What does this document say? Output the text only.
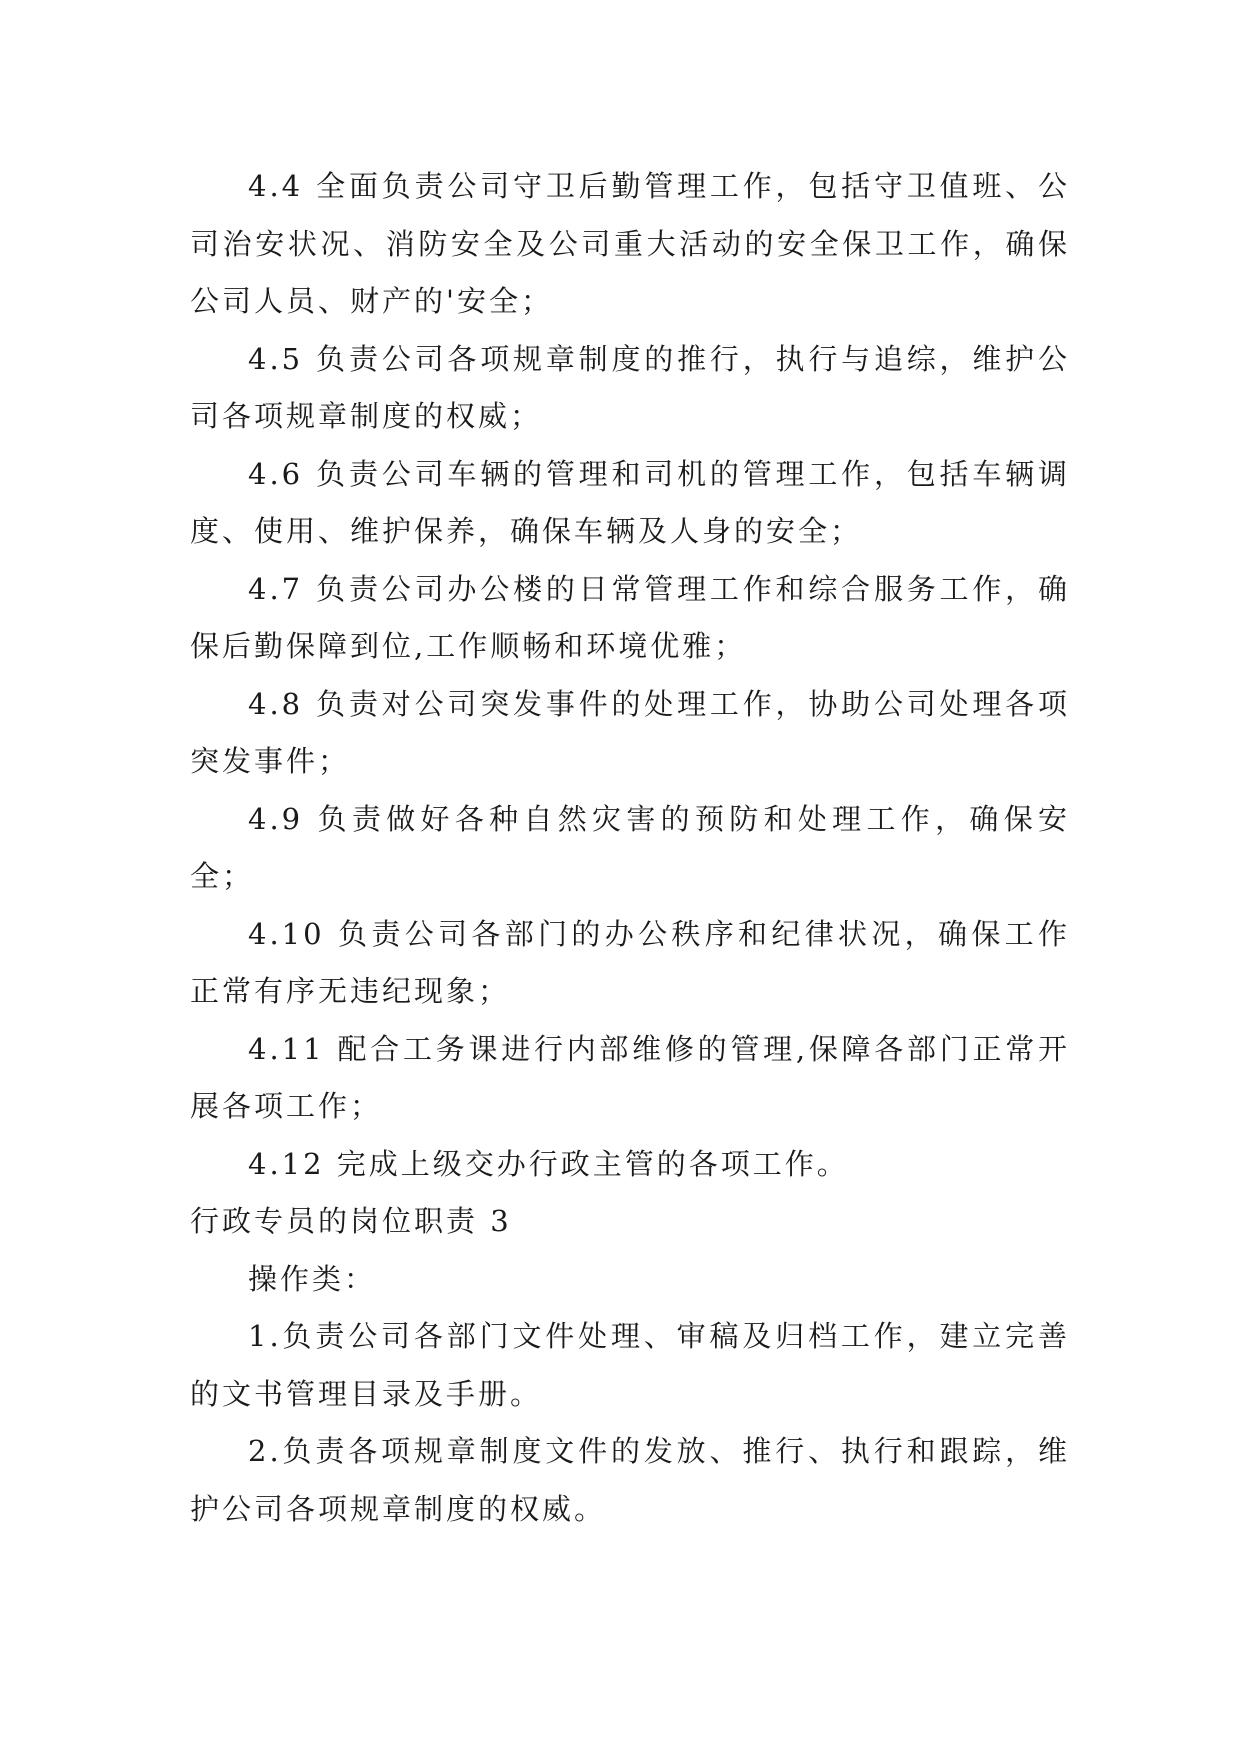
4.4 全面负责公司守卫后勤管理工作，包括守卫值班、公司治安状况、消防安全及公司重大活动的安全保卫工作，确保公司人员、财产的'安全；

4.5 负责公司各项规章制度的推行，执行与追综，维护公司各项规章制度的权威；

4.6 负责公司车辆的管理和司机的管理工作，包括车辆调度、使用、维护保养，确保车辆及人身的安全；

4.7 负责公司办公楼的日常管理工作和综合服务工作，确保后勤保障到位,工作顺畅和环境优雅；

4.8 负责对公司突发事件的处理工作，协助公司处理各项突发事件；

4.9 负责做好各种自然灾害的预防和处理工作，确保安全；

4.10 负责公司各部门的办公秩序和纪律状况，确保工作正常有序无违纪现象；

4.11 配合工务课进行内部维修的管理,保障各部门正常开展各项工作；

4.12 完成上级交办行政主管的各项工作。

行政专员的岗位职责 3

操作类：

1.负责公司各部门文件处理、审稿及归档工作，建立完善的文书管理目录及手册。

2.负责各项规章制度文件的发放、推行、执行和跟踪，维护公司各项规章制度的权威。
